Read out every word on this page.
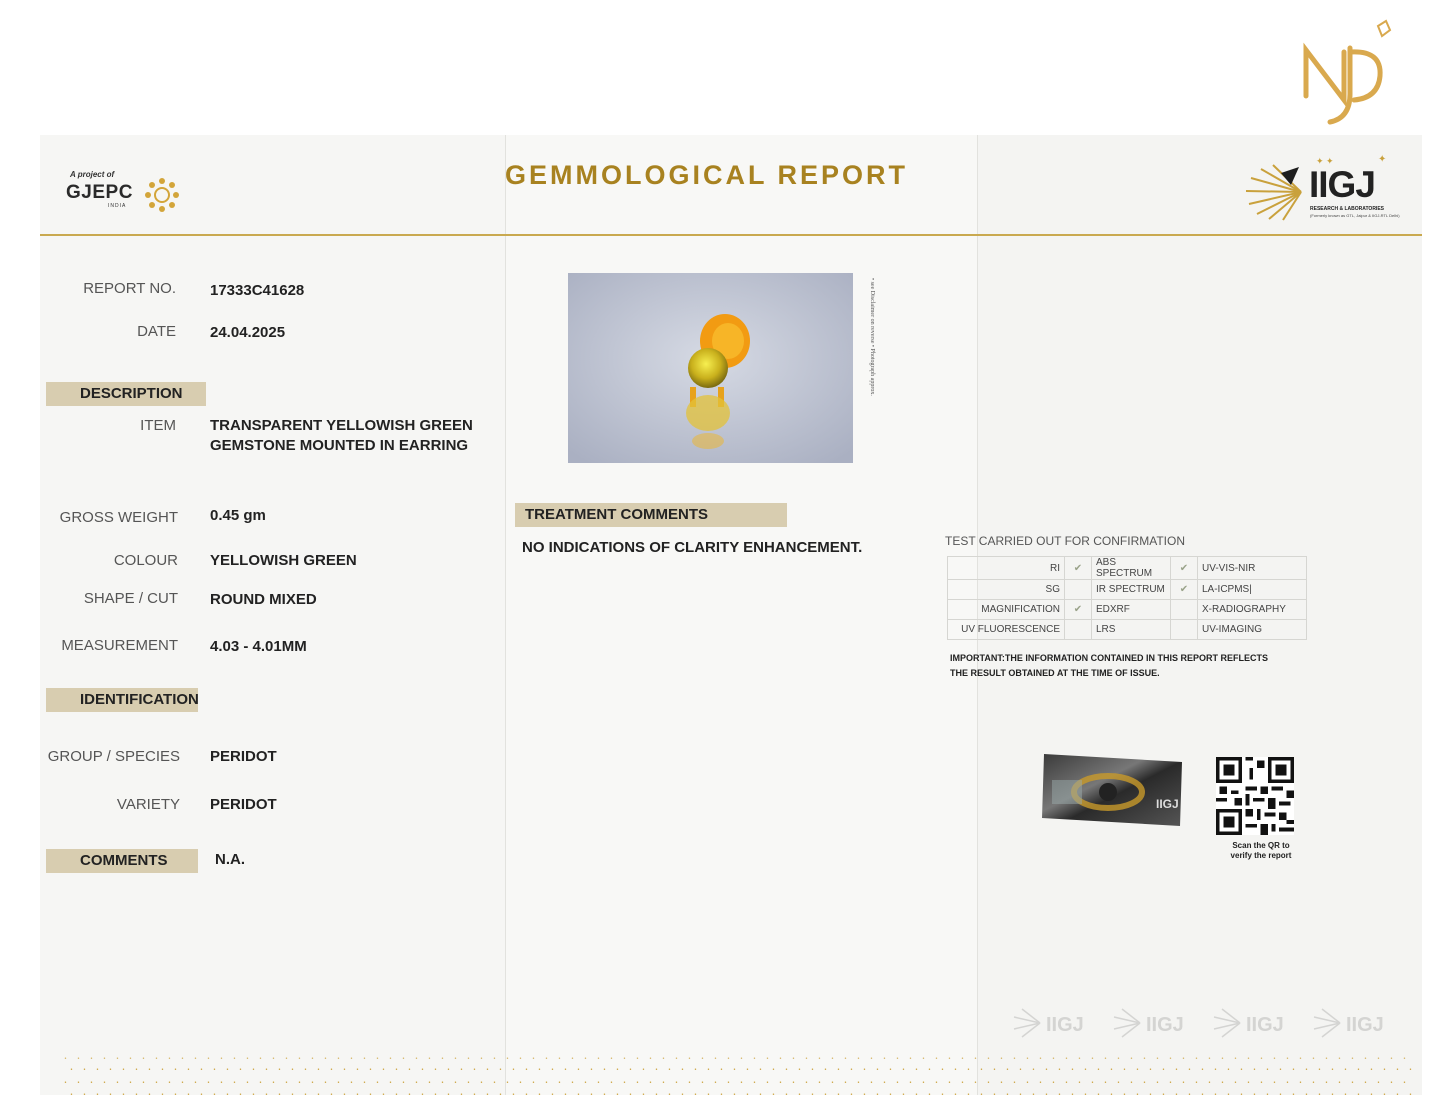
A project of
GJEPC
INDIA
GEMMOLOGICAL REPORT	IIGJ
RESEARCH & LABORATORIES
(Formerly known as GTL, Jaipur & IIGJ-RTL Delhi)
✦ ✦	✦
REPORT NO. 17333C41628
DATE 24.04.2025
DESCRIPTION
ITEM TRANSPARENT YELLOWISH GREEN
GEMSTONE MOUNTED IN EARRING
GROSS WEIGHT 0.45 gm
COLOUR YELLOWISH GREEN
SHAPE / CUT ROUND MIXED
MEASUREMENT 4.03 - 4.01MM
IDENTIFICATION
GROUP / SPECIES PERIDOT
VARIETY PERIDOT
COMMENTS	N.A.
• see Disclaimer on reverse • Photograph approx.
TREATMENT COMMENTS
NO INDICATIONS OF CLARITY ENHANCEMENT.	TEST CARRIED OUT FOR CONFIRMATION
RI	✔	ABS SPECTRUM	✔	UV-VIS-NIR
SG		IR SPECTRUM	✔	LA-ICPMS|
MAGNIFICATION	✔	EDXRF		X-RADIOGRAPHY
UV FLUORESCENCE		LRS		UV-IMAGING
IMPORTANT:THE INFORMATION CONTAINED IN THIS REPORT REFLECTS THE RESULT OBTAINED AT THE TIME OF ISSUE.
IIGJ
Scan the QR to
verify the report
IIGJ	IIGJ	IIGJ	IIGJ
• • • • • • • • • • • • • • • • • • • • • • • • • • • • • • • • • • • • • • • • • • • • • • • • • • • • • • • • • • • • • • • • • • • • • • • • • • • • • • • • • • • • • • • • • • • • • • • • • • • • • • • •
• • • • • • • • • • • • • • • • • • • • • • • • • • • • • • • • • • • • • • • • • • • • • • • • • • • • • • • • • • • • • • • • • • • • • • • • • • • • • • • • • • • • • • • • • • • • • • • • • • • • • • • •
• • • • • • • • • • • • • • • • • • • • • • • • • • • • • • • • • • • • • • • • • • • • • • • • • • • • • • • • • • • • • • • • • • • • • • • • • • • • • • • • • • • • • • • • • • • • • • • • • • • • • • • •
• • • • • • • • • • • • • • • • • • • • • • • • • • • • • • • • • • • • • • • • • • • • • • • • • • • • • • • • • • • • • • • • • • • • • • • • • • • • • • • • • • • • • • • • • • • • • • • • • • • • • • • •
